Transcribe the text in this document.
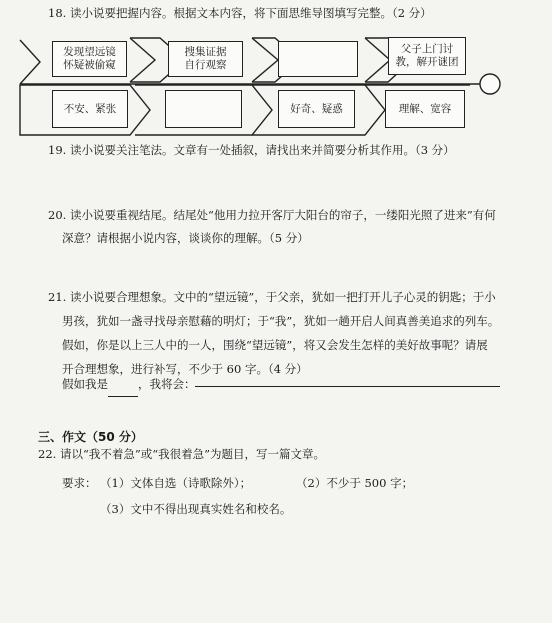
18. 读小说要把握内容。根据文本内容，将下面思维导图填写完整。（2 分）
发现望远镜
怀疑被偷窥
搜集证据
自行观察
父子上门讨
教，解开谜团
不安、紧张	好奇、疑惑	理解、宽容
19. 读小说要关注笔法。文章有一处插叙，请找出来并简要分析其作用。（3 分）
20. 读小说要重视结尾。结尾处“他用力拉开客厅大阳台的帘子，一缕阳光照了进来”有何
深意？请根据小说内容，谈谈你的理解。（5 分）
21. 读小说要合理想象。文中的“望远镜”，于父亲，犹如一把打开儿子心灵的钥匙；于小
男孩，犹如一盏寻找母亲慰藉的明灯；于“我”，犹如一趟开启人间真善美追求的列车。
假如，你是以上三人中的一人，围绕“望远镜”，将又会发生怎样的美好故事呢？请展
开合理想象，进行补写，不少于 60 字。（4 分）
假如我是	，我将会：
三、作文（50 分）
22. 请以“我不着急”或“我很着急”为题目，写一篇文章。
要求： （1）文体自选（诗歌除外）；	（2）不少于 500 字；
（3）文中不得出现真实姓名和校名。
